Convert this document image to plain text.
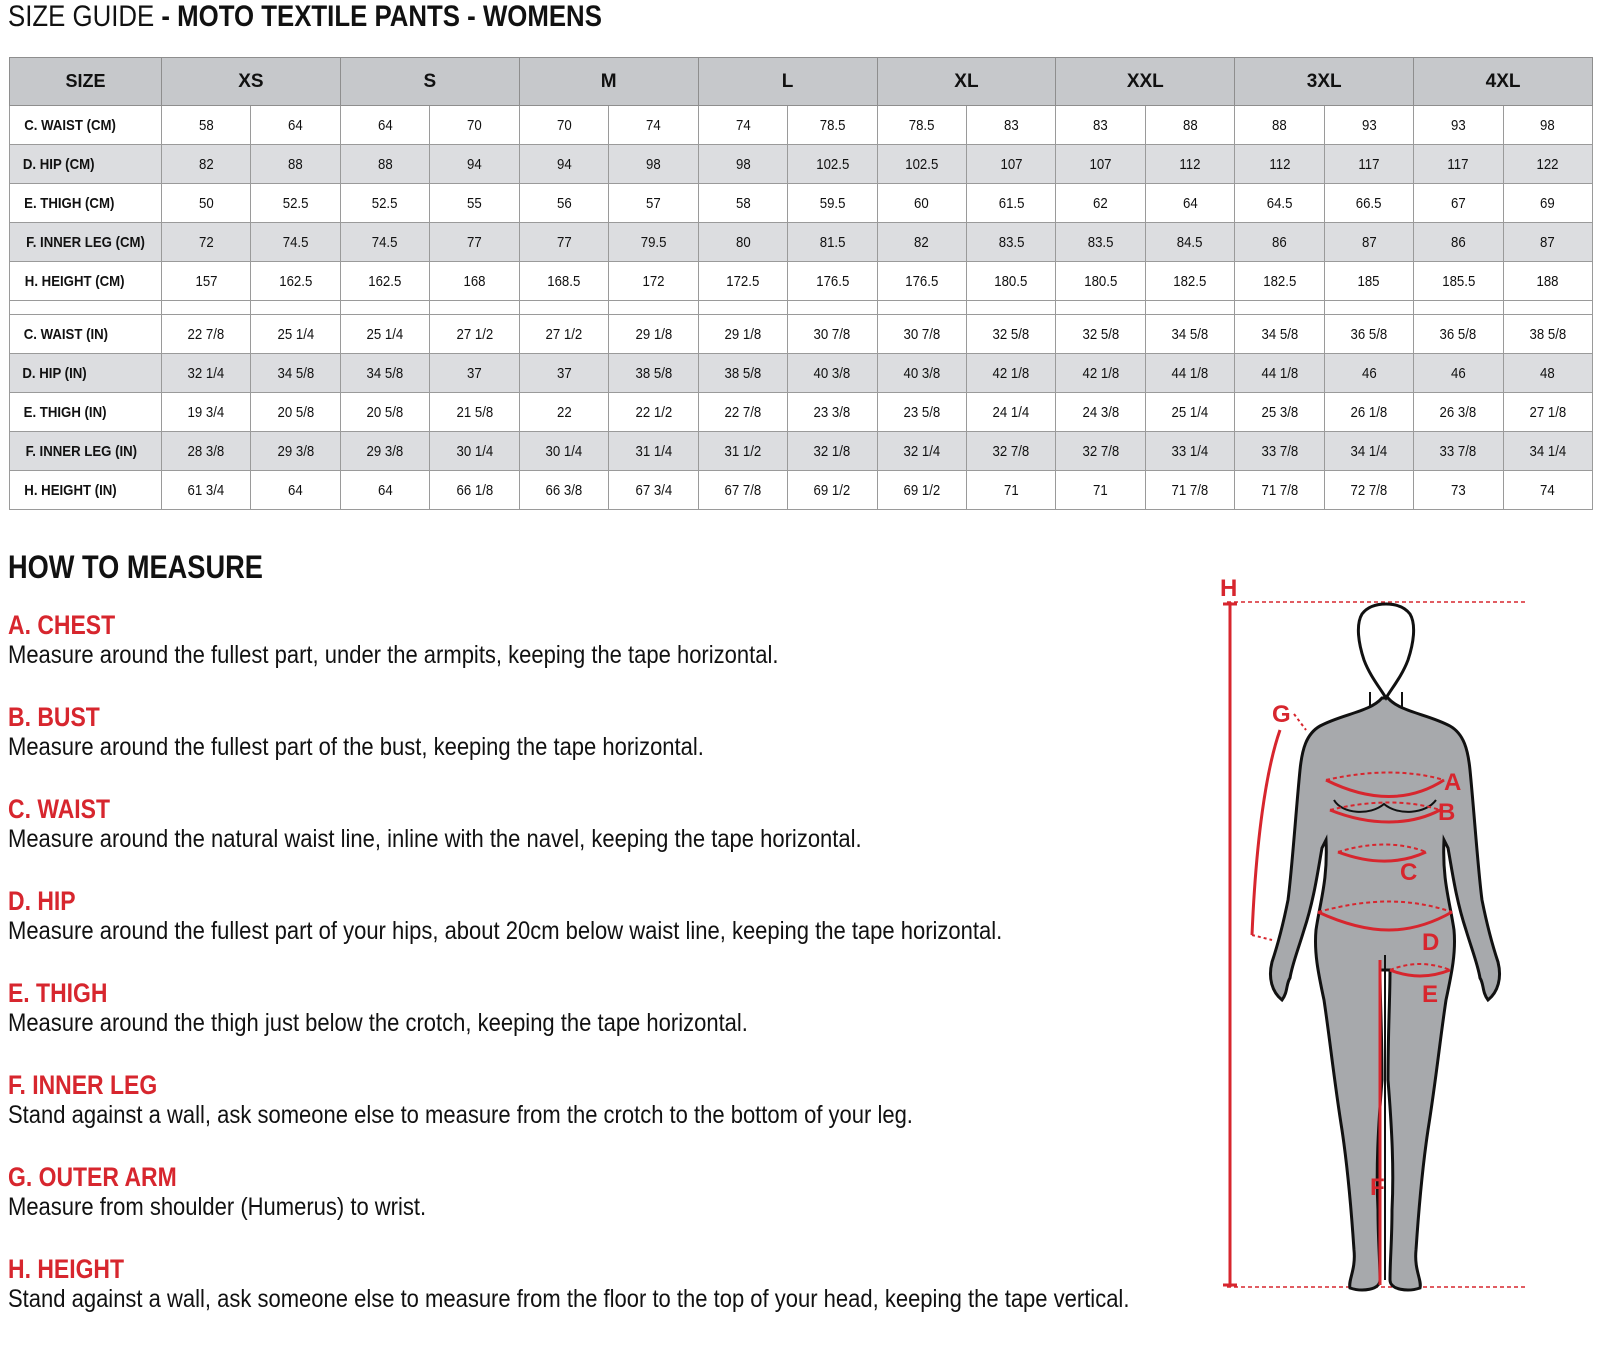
SIZE GUIDE - MOTO TEXTILE PANTS - WOMENS
SIZE	XS		S		M		L		XL		XXL		3XL		4XL	
C. WAIST (CM)	58	64	64	70	70	74	74	78.5	78.5	83	83	88	88	93	93	98
D. HIP (CM)	82	88	88	94	94	98	98	102.5	102.5	107	107	112	112	117	117	122
E. THIGH (CM)	50	52.5	52.5	55	56	57	58	59.5	60	61.5	62	64	64.5	66.5	67	69
F. INNER LEG (CM)	72	74.5	74.5	77	77	79.5	80	81.5	82	83.5	83.5	84.5	86	87	86	87
H. HEIGHT (CM)	157	162.5	162.5	168	168.5	172	172.5	176.5	176.5	180.5	180.5	182.5	182.5	185	185.5	188

C. WAIST (IN)	22 7/8	25 1/4	25 1/4	27 1/2	27 1/2	29 1/8	29 1/8	30 7/8	30 7/8	32 5/8	32 5/8	34 5/8	34 5/8	36 5/8	36 5/8	38 5/8
D. HIP (IN)	32 1/4	34 5/8	34 5/8	37	37	38 5/8	38 5/8	40 3/8	40 3/8	42 1/8	42 1/8	44 1/8	44 1/8	46	46	48
E. THIGH (IN)	19 3/4	20 5/8	20 5/8	21 5/8	22	22 1/2	22 7/8	23 3/8	23 5/8	24 1/4	24 3/8	25 1/4	25 3/8	26 1/8	26 3/8	27 1/8
F. INNER LEG (IN)	28 3/8	29 3/8	29 3/8	30 1/4	30 1/4	31 1/4	31 1/2	32 1/8	32 1/4	32 7/8	32 7/8	33 1/4	33 7/8	34 1/4	33 7/8	34 1/4
H. HEIGHT (IN)	61 3/4	64	64	66 1/8	66 3/8	67 3/4	67 7/8	69 1/2	69 1/2	71	71	71 7/8	71 7/8	72 7/8	73	74
HOW TO MEASURE
A. CHEST
Measure around the fullest part, under the armpits, keeping the tape horizontal.
B. BUST
Measure around the fullest part of the bust, keeping the tape horizontal.
C. WAIST
Measure around the natural waist line, inline with the navel, keeping the tape horizontal.
D. HIP
Measure around the fullest part of your hips, about 20cm below waist line, keeping the tape horizontal.
E. THIGH
Measure around the thigh just below the crotch, keeping the tape horizontal.
F. INNER LEG
Stand against a wall, ask someone else to measure from the crotch to the bottom of your leg.
G. OUTER ARM
Measure from shoulder (Humerus) to wrist.
H. HEIGHT
Stand against a wall, ask someone else to measure from the floor to the top of your head, keeping the tape vertical.
H
G
A
B
C
D
E
F
